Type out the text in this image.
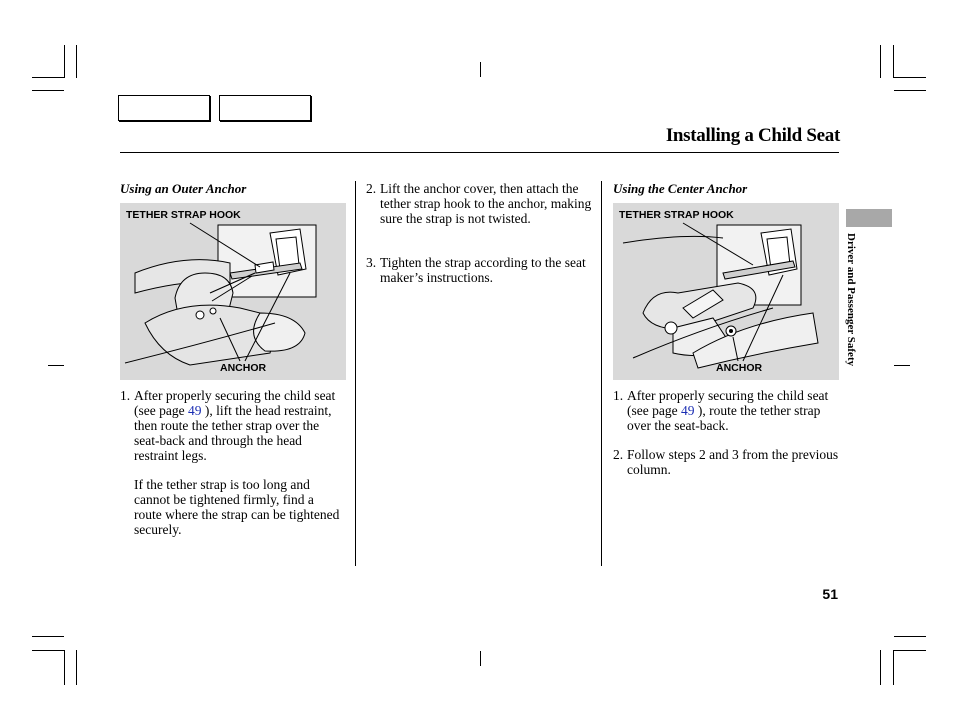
Installing a Child Seat
Using an Outer Anchor
TETHER STRAP HOOK
ANCHOR
1. After properly securing the child seat (see page 49 ), lift the head restraint, then route the tether strap over the seat-back and through the head restraint legs.
If the tether strap is too long and cannot be tightened firmly, find a route where the strap can be tightened securely.
2. Lift the anchor cover, then attach the tether strap hook to the anchor, making sure the strap is not twisted.
3. Tighten the strap according to the seat maker’s instructions.
Using the Center Anchor
TETHER STRAP HOOK
ANCHOR
1. After properly securing the child seat (see page 49 ), route the tether strap over the seat-back.
2. Follow steps 2 and 3 from the previous column.
Driver and Passenger Safety
51
